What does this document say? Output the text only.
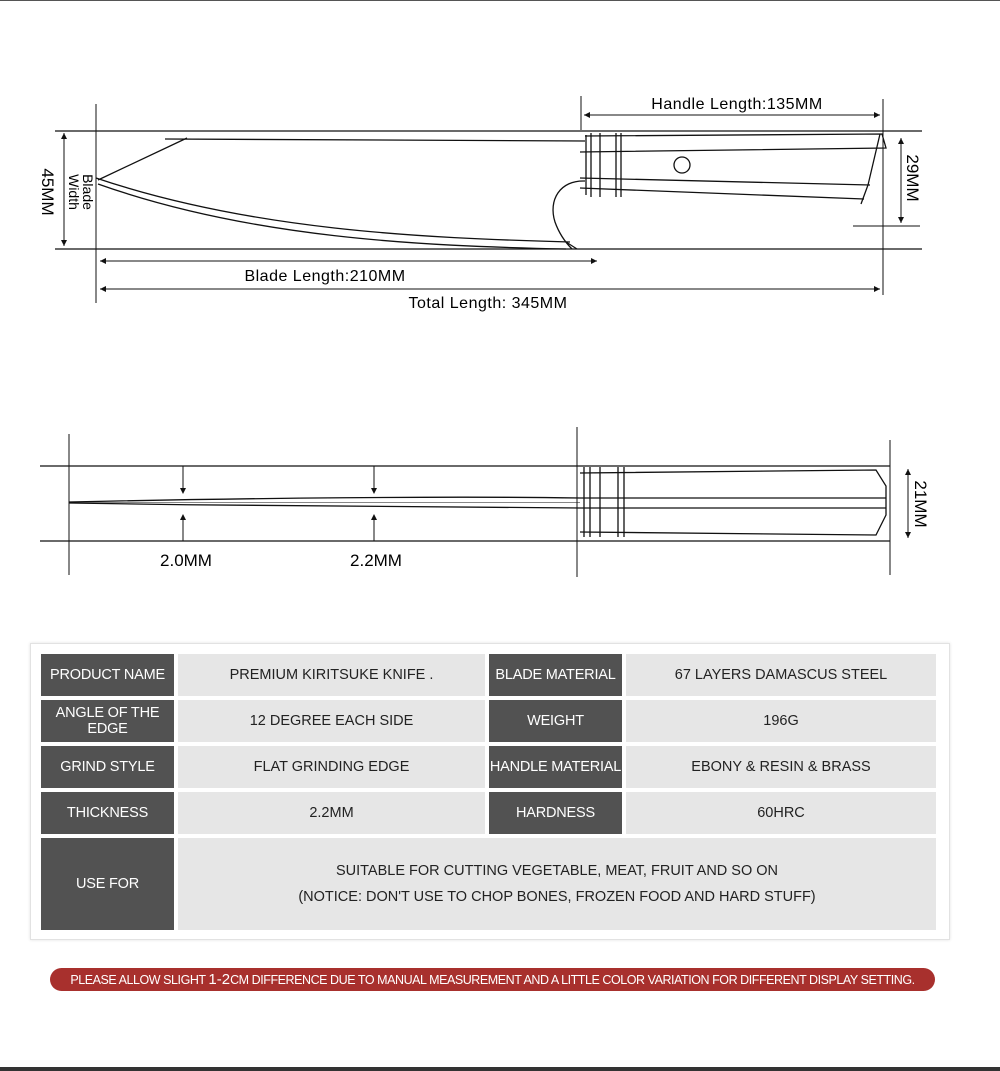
Handle Length:135MM
Blade Length:210MM
Total Length: 345MM
45MM Blade
Width	29MM
2.0MM	2.2MM
21MM
PRODUCT NAME	PREMIUM KIRITSUKE KNIFE .	BLADE MATERIAL	67 LAYERS DAMASCUS STEEL
ANGLE OF THE EDGE	12 DEGREE EACH SIDE	WEIGHT	196G
GRIND STYLE	FLAT GRINDING EDGE	HANDLE MATERIAL	EBONY & RESIN & BRASS
THICKNESS	2.2MM	HARDNESS	60HRC
USE FOR	SUITABLE FOR CUTTING VEGETABLE, MEAT, FRUIT AND SO ON
(NOTICE: DON'T USE TO CHOP BONES, FROZEN FOOD AND HARD STUFF)		
PLEASE ALLOW SLIGHT 1-2CM DIFFERENCE DUE TO MANUAL MEASUREMENT AND A LITTLE COLOR VARIATION FOR DIFFERENT DISPLAY SETTING.
